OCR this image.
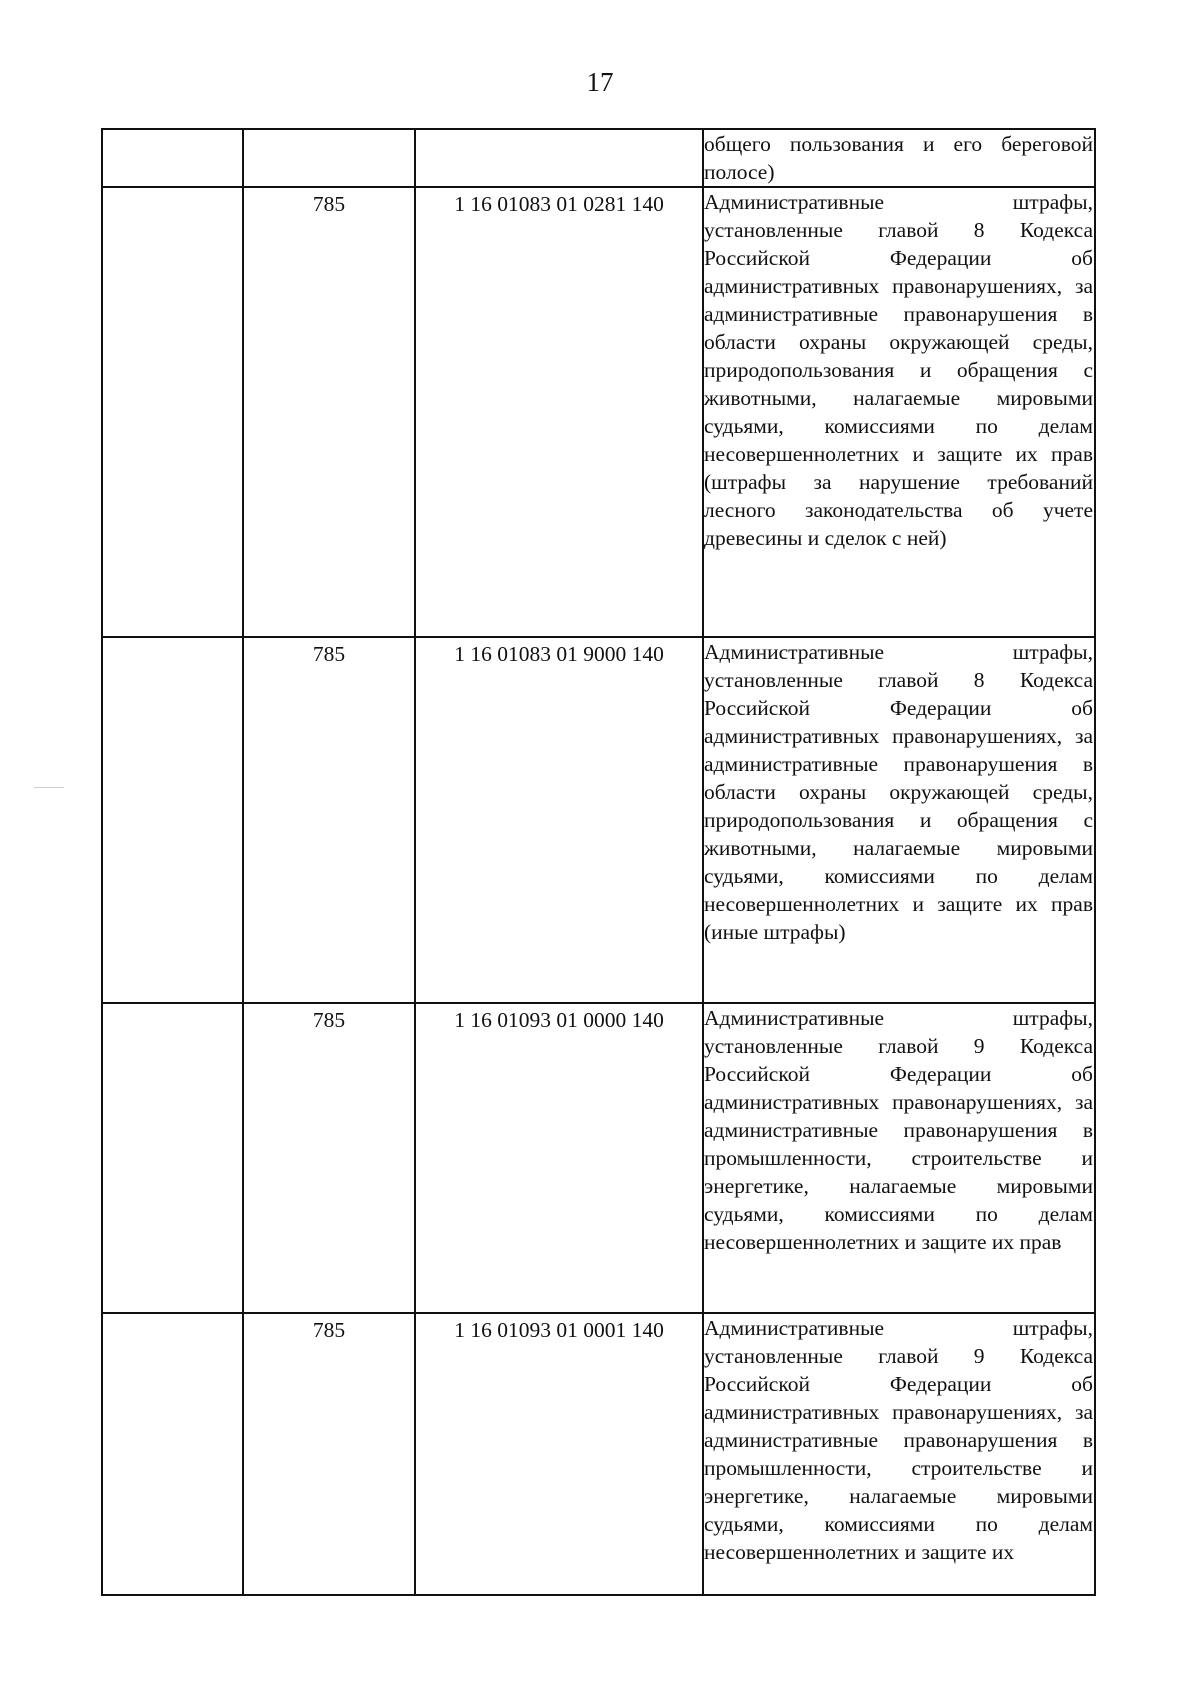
17
			общего пользования и его береговой полосе)
	785	1 16 01083 01 0281 140	Административные штрафы, установленные главой 8 Кодекса Российской Федерации об административных правонарушениях, за административные правонарушения в области охраны окружающей среды, природопользования и обращения с животными, налагаемые мировыми судьями, комиссиями по делам несовершеннолетних и защите их прав (штрафы за нарушение требований лесного законодательства об учете древесины и сделок с ней)
	785	1 16 01083 01 9000 140	Административные штрафы, установленные главой 8 Кодекса Российской Федерации об административных правонарушениях, за административные правонарушения в области охраны окружающей среды, природопользования и обращения с животными, налагаемые мировыми судьями, комиссиями по делам несовершеннолетних и защите их прав (иные штрафы)
	785	1 16 01093 01 0000 140	Административные штрафы, установленные главой 9 Кодекса Российской Федерации об административных правонарушениях, за административные правонарушения в промышленности, строительстве и энергетике, налагаемые мировыми судьями, комиссиями по делам несовершеннолетних и защите их прав
	785	1 16 01093 01 0001 140	Административные штрафы, установленные главой 9 Кодекса Российской Федерации об административных правонарушениях, за административные правонарушения в промышленности, строительстве и энергетике, налагаемые мировыми судьями, комиссиями по делам несовершеннолетних и защите их
